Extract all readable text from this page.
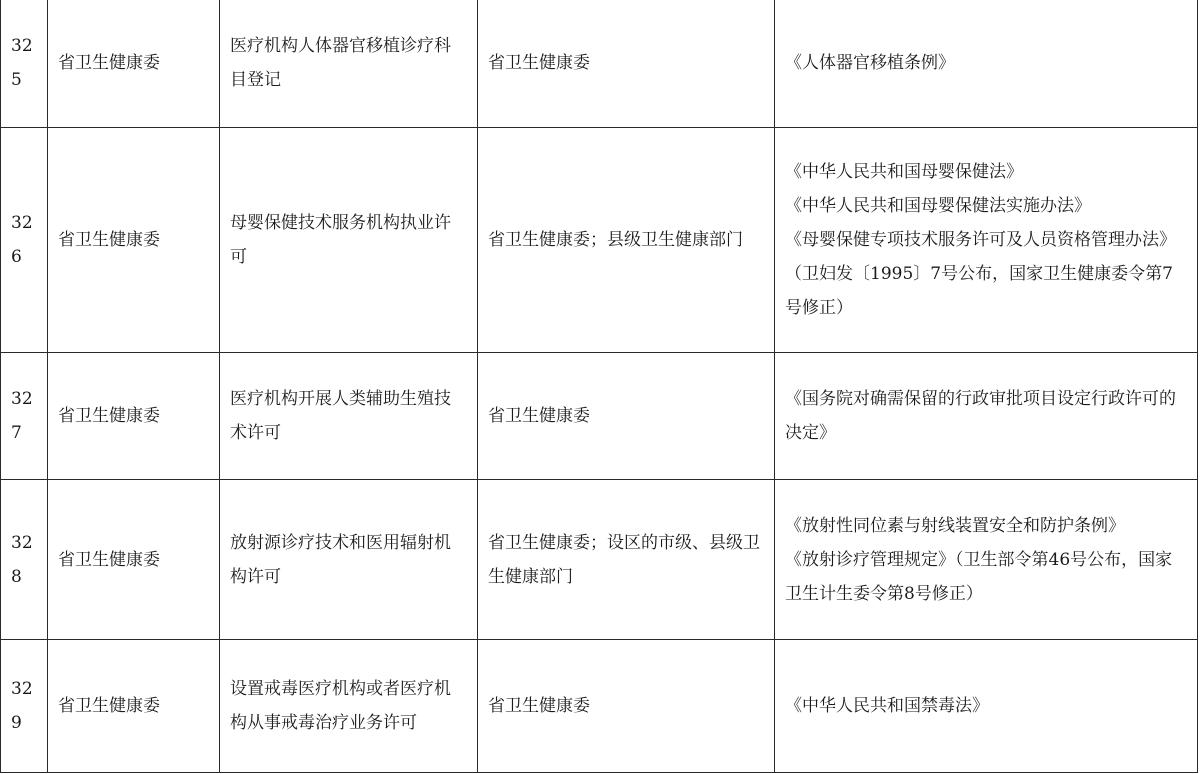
325	省卫生健康委	医疗机构人体器官移植诊疗科目登记	省卫生健康委	《人体器官移植条例》

326	省卫生健康委	母婴保健技术服务机构执业许可	省卫生健康委；县级卫生健康部门	《中华人民共和国母婴保健法》
《中华人民共和国母婴保健法实施办法》
《母婴保健专项技术服务许可及人员资格管理办法》（卫妇发〔1995〕7号公布，国家卫生健康委令第7号修正）

327	省卫生健康委	医疗机构开展人类辅助生殖技术许可	省卫生健康委	《国务院对确需保留的行政审批项目设定行政许可的决定》

328	省卫生健康委	放射源诊疗技术和医用辐射机构许可	省卫生健康委；设区的市级、县级卫生健康部门	《放射性同位素与射线装置安全和防护条例》
《放射诊疗管理规定》（卫生部令第46号公布，国家卫生计生委令第8号修正）

329	省卫生健康委	设置戒毒医疗机构或者医疗机构从事戒毒治疗业务许可	省卫生健康委	《中华人民共和国禁毒法》
